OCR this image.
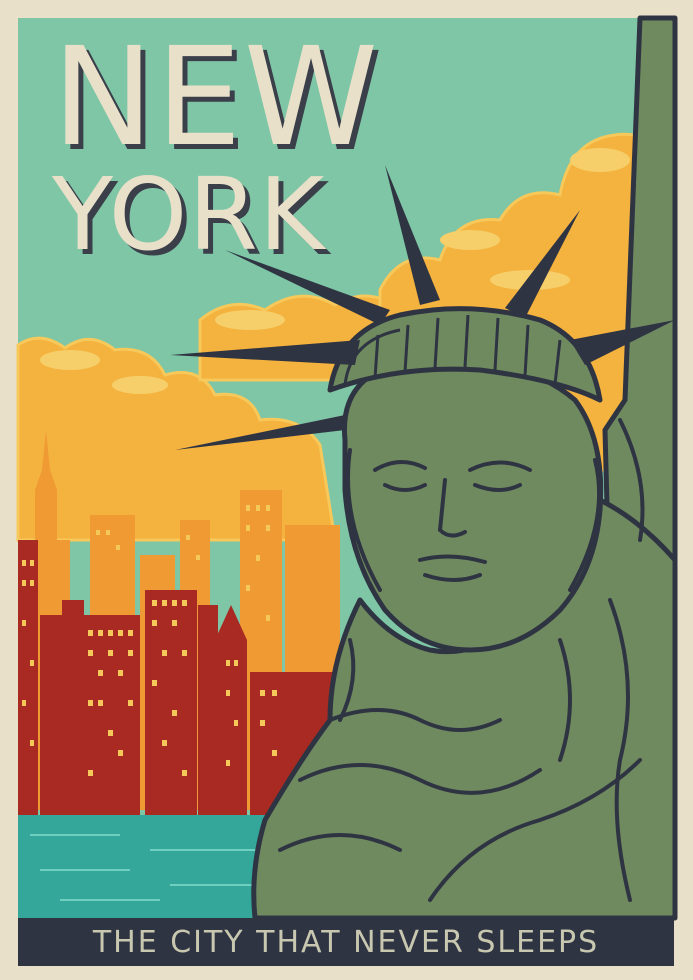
NEW
YORK
THE CITY THAT NEVER SLEEPS
